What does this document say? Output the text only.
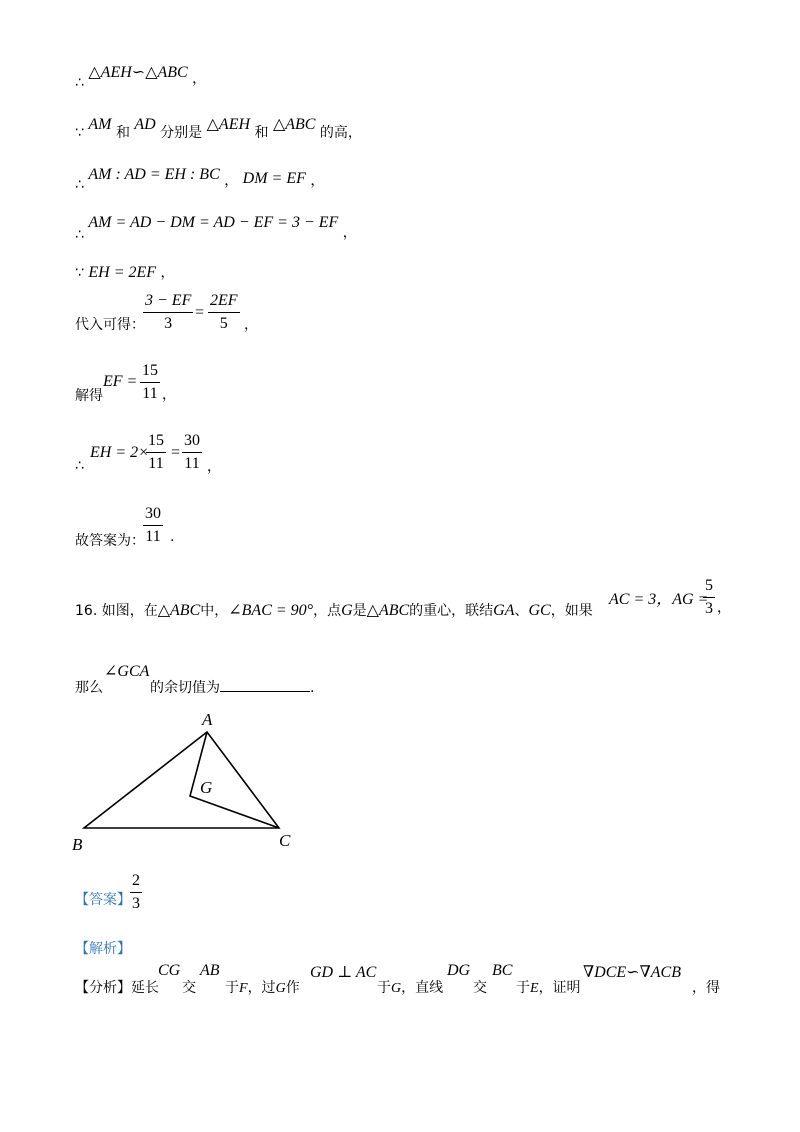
∴ △AEH∽△ABC ，
∵ AM 和 AD 分别是 △AEH 和 △ABC 的高，
∴ AM : AD = EH : BC ， DM = EF ，
∴ AM = AD − DM = AD − EF = 3 − EF ，
∵ EH = 2EF ，
代入可得：
3 − EF
3
=
2EF
5	，
解得
EF =
15
11 ，
∴
EH = 2×
15
11
=
30
11 ，
故答案为：
30
11 .
16. 如图，在△ABC中，∠BAC = 90°，点G是△ABC的重心，联结GA、GC，如果
AC = 3，AG =
5
3 ，
那么
∠GCA
的余切值为	.
A
B	C
G
【答案】
2
3
【解析】
【分析】延长
CG
交
AB
于F，过G作
GD ⊥ AC
于G，直线
DG
交
BC
于E，证明
∇DCE∽∇ACB
，得
